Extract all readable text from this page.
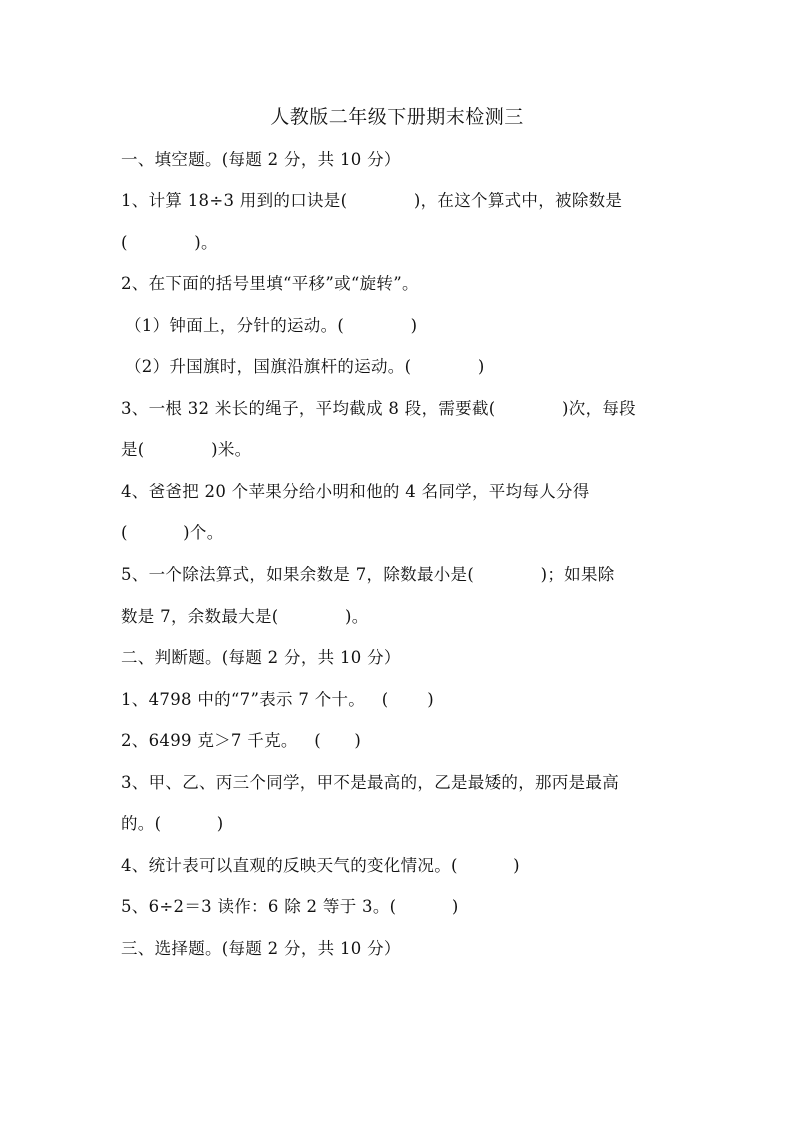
人教版二年级下册期末检测三
一、填空题。(每题 2 分，共 10 分）
1、计算 18÷3 用到的口诀是(            )，在这个算式中，被除数是
(            )。
2、在下面的括号里填“平移”或“旋转”。
（1）钟面上，分针的运动。(            )
（2）升国旗时，国旗沿旗杆的运动。(            )
3、一根 32 米长的绳子，平均截成 8 段，需要截(            )次，每段
是(            )米。
4、爸爸把 20 个苹果分给小明和他的 4 名同学，平均每人分得
(          )个。
5、一个除法算式，如果余数是 7，除数最小是(            )；如果除
数是 7，余数最大是(            )。
二、判断题。(每题 2 分，共 10 分）
1、4798 中的“7”表示 7 个十。   (       )
2、6499 克＞7 千克。   (      )
3、甲、乙、丙三个同学，甲不是最高的，乙是最矮的，那丙是最高
的。(          )
4、统计表可以直观的反映天气的变化情况。(          )
5、6÷2＝3 读作：6 除 2 等于 3。(          )
三、选择题。(每题 2 分，共 10 分）
